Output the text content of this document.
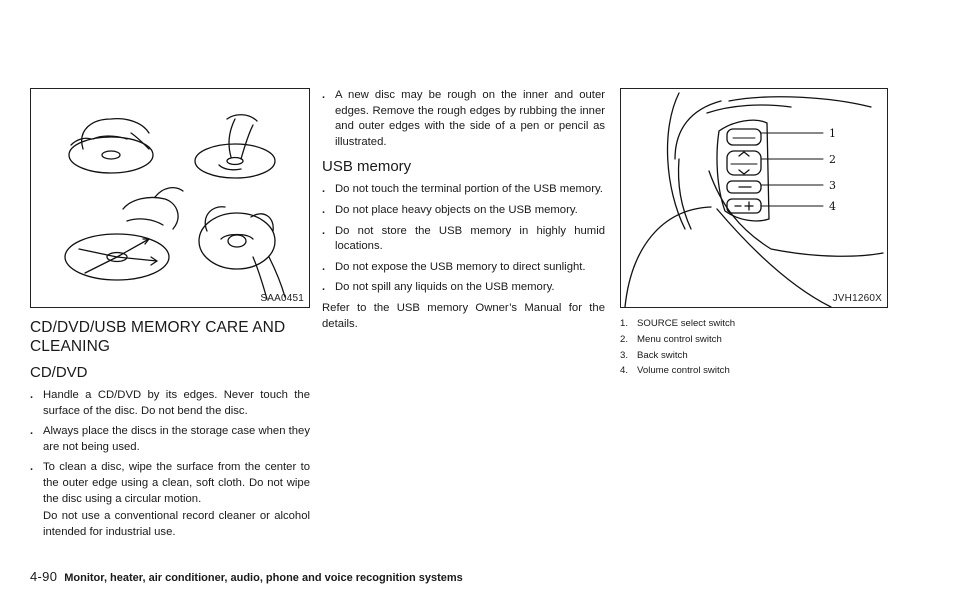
SAA0451
CD/DVD/USB MEMORY CARE AND CLEANING
CD/DVD
. Handle a CD/DVD by its edges. Never touch the surface of the disc. Do not bend the disc.
. Always place the discs in the storage case when they are not being used.
. To clean a disc, wipe the surface from the center to the outer edge using a clean, soft cloth. Do not wipe the disc using a circular motion.

Do not use a conventional record cleaner or alcohol intended for industrial use.

. A new disc may be rough on the inner and outer edges. Remove the rough edges by rubbing the inner and outer edges with the side of a pen or pencil as illustrated.
USB memory
. Do not touch the terminal portion of the USB memory.
. Do not place heavy objects on the USB memory.
. Do not store the USB memory in highly humid locations.
. Do not expose the USB memory to direct sunlight.
. Do not spill any liquids on the USB memory.

Refer to the USB memory Owner’s Manual for the details.

1
2
3
4
JVH1260X
1. SOURCE select switch
2. Menu control switch
3. Back switch
4. Volume control switch
4-90 Monitor, heater, air conditioner, audio, phone and voice recognition systems
